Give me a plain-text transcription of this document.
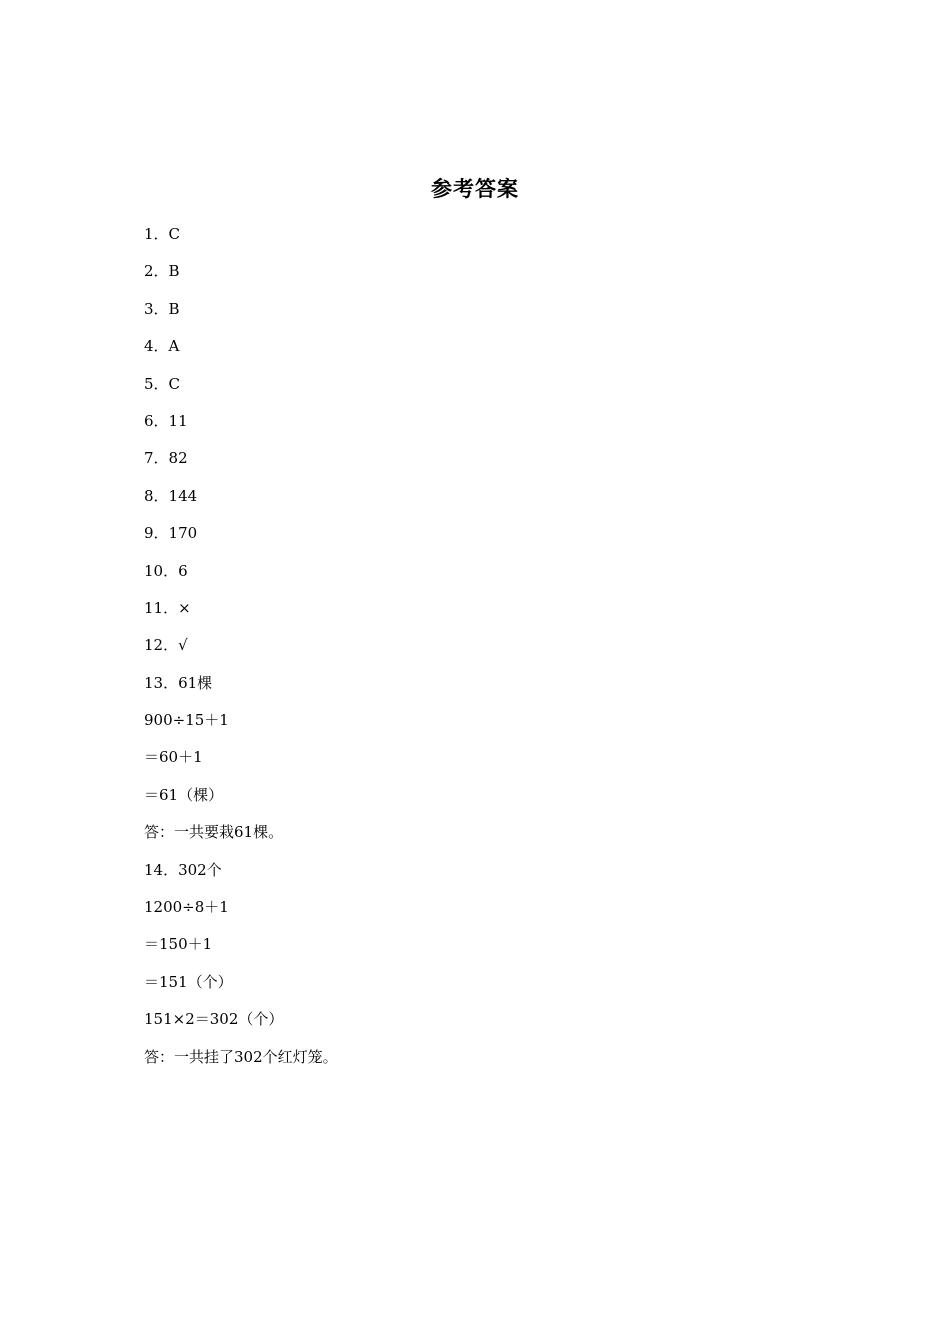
参考答案
1．C
2．B
3．B
4．A
5．C
6．11
7．82
8．144
9．170
10．6
11．×
12．√
13．61棵
900÷15＋1
＝60＋1
＝61（棵）
答：一共要栽61棵。
14．302个
1200÷8＋1
＝150＋1
＝151（个）
151×2＝302（个）
答：一共挂了302个红灯笼。
